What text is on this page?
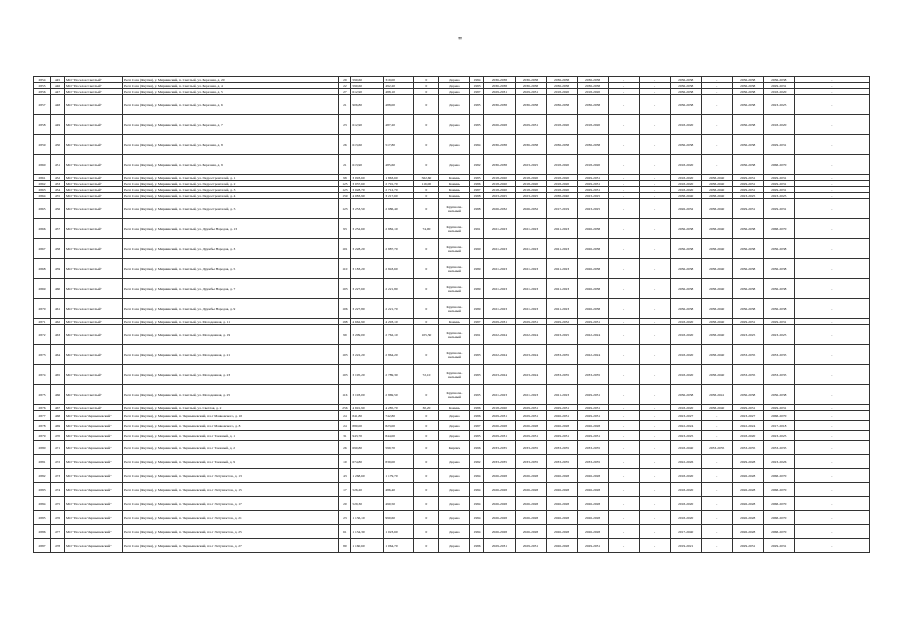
"
2854	445	МО "Поселок Светлый"	Респ Саха (Якутия), у. Мирнинский, п. Светлый, ул. Березная, д. 20	29	590,60	319,00	0	Дерево	1984	2036-2038	2036-2038	2036-2038	2036-2038	-	-	2036-2038	-	2036-2038	2036-2038	-
2855	446	МО "Поселок Светлый"	Респ Саха (Якутия), у. Мирнинский, п. Светлый, ул. Березная, д. 4	22	590,60	492,20	0	Дерево	1983	2036-2038	2036-2038	2036-2038	2036-2038	-	-	2036-2038	-	2036-2038	2029-2031	-
2856	447	МО "Поселок Светлый"	Респ Саха (Якутия), у. Мирнинский, п. Светлый, ул. Березная, д. 5	27	612,90	488,10	0	Дерево	1987	2029-2031	2029-2031	2018-2020	2018-2020	-	-	2036-2038	-	2036-2038	2018-2020	-
2857	448	МО "Поселок Светлый"	Респ Саха (Якутия), у. Мирнинский, п. Светлый, ул. Березная, д. 6	21	906,80	488,00	0	Дерево	1985	2036-2038	2036-2038	2036-2038	2036-2038	-	-	2036-2038	-	2036-2038	2023-2025	-
2858	449	МО "Поселок Светлый"	Респ Саха (Якутия), у. Мирнинский, п. Светлый, ул. Березная, д. 7	23	612,90	487,20	0	Дерево	1985	2026-2028	2029-2031	2018-2020	2018-2020	-	-	2018-2020	-	2036-2038	2018-2020	-
2859	450	МО "Поселок Светлый"	Респ Саха (Якутия), у. Мирнинский, п. Светлый, ул. Березная, д. 8	26	613,60	517,80	0	Дерево	1984	2036-2038	2036-2038	2036-2038	2036-2038	-	-	2036-2038	-	2036-2038	2029-2031	-
2860	451	МО "Поселок Светлый"	Респ Саха (Якутия), у. Мирнинский, п. Светлый, ул. Березная, д. 9	21	613,90	485,60	0	Дерево	1982	2036-2038	2023-2025	2018-2020	2018-2020	-	-	2018-2020	-	2036-2038	2068-2070	-
2861	452	МО "Поселок Светлый"	Респ Саха (Якутия), у. Мирнинский, п. Светлый, ул. Гидростроителей, д. 1	98	3 093,60	1 863,60	562,60	Камень	1985	2018-2020	2018-2020	2018-2020	2029-2031	-	-	2018-2020	2038-2040	2029-2031	2029-2031	-
2862	453	МО "Поселок Светлый"	Респ Саха (Якутия), у. Мирнинский, п. Светлый, ул. Гидростроителей, д. 2	125	3 037,60	2 791,70	116,00	Камень	1986	2018-2020	2018-2020	2018-2020	2029-2031	-	-	2018-2020	2038-2040	2029-2031	2029-2031	-
2863	454	МО "Поселок Светлый"	Респ Саха (Якутия), у. Мирнинский, п. Светлый, ул. Гидростроителей, д. 3	123	3 028,70	2 712,70	0	Камень	1987	2018-2020	2018-2020	2018-2020	2029-2031	-	-	2018-2020	2038-2040	2029-2031	2029-2031	-
2864	455	МО "Поселок Светлый"	Респ Саха (Якутия), у. Мирнинский, п. Светлый, ул. Гидростроителей, д. 4	159	4 083,90	3 217,60	0	Камень	1988	2023-2025	2023-2025	2038-2040	2023-2025	-	-	2038-2040	2038-2040	2023-2025	2023-2025	-
2865	456	МО "Поселок Светлый"	Респ Саха (Якутия), у. Мирнинский, п. Светлый, ул. Гидростроителей, д. 5	123	3 253,50	2 986,40	0	Крупнопа-нельный	1988	2026-2032	2026-2032	2017-2019	2023-2025	-	-	2026-2032	2038-2040	2029-2031	2029-2031	-
2866	457	МО "Поселок Светлый"	Респ Саха (Якутия), у. Мирнинский, п. Светлый, ул. Дружбы Народов, д. 13	93	3 252,60	2 882,10	74,00	Крупнопа-нельный	1991	2021-2023	2021-2023	2021-2023	2026-2038	-	-	2036-2038	2038-2040	2036-2038	2068-2070	-
2867	458	МО "Поселок Светлый"	Респ Саха (Якутия), у. Мирнинский, п. Светлый, ул. Дружбы Народов, д. 3	101	3 228,20	2 887,70	0	Крупнопа-нельный	1990	2021-2023	2021-2023	2021-2023	2026-2038	-	-	2036-2038	2038-2040	2036-2038	2036-2038	-
2868	459	МО "Поселок Светлый"	Респ Саха (Якутия), у. Мирнинский, п. Светлый, ул. Дружбы Народов, д. 5	110	3 183,20	2 843,60	0	Крупнопа-нельный	1989	2021-2023	2021-2023	2021-2023	2026-2038	-	-	2036-2038	2038-2040	2036-2038	2036-2038	-
2869	460	МО "Поселок Светлый"	Респ Саха (Якутия), у. Мирнинский, п. Светлый, ул. Дружбы Народов, д. 7	103	3 227,60	2 221,80	0	Крупнопа-нельный	1989	2021-2023	2021-2023	2021-2023	2026-2038	-	-	2036-2038	2038-2040	2036-2038	2036-2038	-
2870	461	МО "Поселок Светлый"	Респ Саха (Якутия), у. Мирнинский, п. Светлый, ул. Дружбы Народов, д. 9	106	3 227,80	2 221,70	0	Крупнопа-нельный	1989	2021-2023	2021-2023	2021-2023	2026-2038	-	-	2036-2038	2038-2040	2036-2038	2036-2038	-
2871	462	МО "Поселок Светлый"	Респ Саха (Якутия), у. Мирнинский, п. Светлый, ул. Молодежная, д. 11	198	4 662,90	4 293,10	0	Камень	1987	2029-2031	2029-2031	2029-2032	2029-2031	-	-	2018-2020	2038-2040	2029-2031	2029-2031	-
2872	463	МО "Поселок Светлый"	Респ Саха (Якутия), у. Мирнинский, п. Светлый, ул. Молодежная, д. 19	99	3 209,00	2 762,10	105,30	Крупнопа-нельный	1991	2022-2024	2022-2024	2023-2025	2022-2024	-	-	2018-2020	2038-2040	2023-2025	2023-2025	-
2873	464	МО "Поселок Светлый"	Респ Саха (Якутия), у. Мирнинский, п. Светлый, ул. Молодежная, д. 21	103	3 222,20	2 864,20	0	Крупнопа-нельный	1983	2022-2024	2023-2024	2033-2035	2022-2024	-	-	2018-2020	2038-2040	2033-2035	2033-2035	-
2874	465	МО "Поселок Светлый"	Респ Саха (Якутия), у. Мирнинский, п. Светлый, ул. Молодежная, д. 23	103	3 195,20	2 789,30	72,10	Крупнопа-нельный	1983	2023-2024	2023-2024	2033-2035	2033-2035	-	-	2018-2020	2038-2040	2033-2035	2033-2035	-
2875	466	МО "Поселок Светлый"	Респ Саха (Якутия), у. Мирнинский, п. Светлый, ул. Молодежная, д. 25	116	3 193,00	2 869,50	0	Крупнопа-нельный	1995	2021-2023	2021-2023	2021-2023	2029-2031	-	-	2036-2038	2038-2041	2036-2038	2036-2038	-
2876	467	МО "Поселок Светлый"	Респ Саха (Якутия), у. Мирнинский, п. Светлый, ул. Светлая, д. 2	256	4 691,90	4 285,70	30,20	Камень	1986	2018-2020	2029-2031	2029-2031	2029-2031	-	-	2018-2020	2038-2040	2029-2031	2029-2031	-
2877	468	МО "Поселок Чернышевский"	Респ Саха (Якутия), у. Мирнинский, п. Чернышевский, пл-т Маяковского, д. 10	24	841,80	742,80	0	Дерево	1986	2029-2031	2029-2031	2026-2031	2029-2031	-	-	2023-2027	-	2023-2027	2068-2070	-
2878	469	МО "Поселок Чернышевский"	Респ Саха (Якутия), у. Мирнинский, п. Чернышевский, пл-т Маяковского, д. 8	24	880,00	823,00	0	Дерево	1987	2026-2028	2026-2028	2026-2028	2026-2028	-	-	2022-2024	-	2022-2024	2017-2018	-
2879	470	МО "Поселок Чернышевский"	Респ Саха (Якутия), у. Мирнинский, п. Чернышевский, пл-т Таежный, д. 1	31	943,70	844,00	0	Дерево	1985	2029-2031	2029-2031	2029-2031	2029-2031	-	-	2023-2025	-	2018-2020	2023-2025	-
2880	471	МО "Поселок Чернышевский"	Респ Саха (Якутия), у. Мирнинский, п. Чернышевский, пл-т Таежный, д. 2	26	690,80	599,70	0	Кирпич	1996	2033-2035	2033-2035	2033-2035	2033-2035	-	-	2018-2040	2033-2035	2033-2035	2033-2035	-
2881	472	МО "Поселок Чернышевский"	Респ Саха (Якутия), у. Мирнинский, п. Чернышевский, пл-т Таежный, д. 9	10	674,80	839,00	0	Дерево	1982	2033-2035	2033-2035	2033-2035	2033-2035	-	-	2022-2026	-	2029-2028	2023-2026	-
2882	473	МО "Поселок Чернышевский"	Респ Саха (Якутия), у. Мирнинский, п. Чернышевский, пл-т Энтузиастов, д. 13	43	1 268,60	1 179,70	0	Дерево	1984	2026-2028	2026-2028	2026-2028	2026-2028	-	-	2018-2020	-	2026-2028	2068-2070	-
2883	474	МО "Поселок Чернышевский"	Респ Саха (Якутия), у. Мирнинский, п. Чернышевский, пл-т Энтузиастов, д. 15	17	526,20	486,40	0	Дерево	1984	2026-2028	2026-2028	2026-2028	2026-2028	-	-	2018-2020	-	2026-2028	2068-2070	-
2884	475	МО "Поселок Чернышевский"	Респ Саха (Якутия), у. Мирнинский, п. Чернышевский, пл-т Энтузиастов, д. 17	20	529,30	490,50	0	Дерево	1984	2026-2028	2026-2028	2026-2028	2026-2028	-	-	2018-2020	-	2026-2028	2068-2070	-
2885	476	МО "Поселок Чернышевский"	Респ Саха (Якутия), у. Мирнинский, п. Чернышевский, пл-т Энтузиастов, д. 21	23	1 136,10	990,60	0	Дерево	1984	2026-2028	2026-2028	2026-2028	2026-2028	-	-	2018-2020	-	2026-2028	2068-2070	-
2886	477	МО "Поселок Чернышевский"	Респ Саха (Якутия), у. Мирнинский, п. Чернышевский, пл-т Энтузиастов, д. 25	61	1 134,30	1 023,60	0	Дерево	1984	2026-2028	2026-2028	2026-2028	2026-2028	-	-	2017-2040	-	2026-2028	2068-2070	-
2887	478	МО "Поселок Чернышевский"	Респ Саха (Якутия), у. Мирнинский, п. Чернышевский, пл-т Энтузиастов, д. 27	80	1 160,60	1 064,70	0	Дерево	1986	2029-2031	2029-2031	2026-2028	2029-2031	-	-	2019-2021	-	2029-2031	2029-2031	-
